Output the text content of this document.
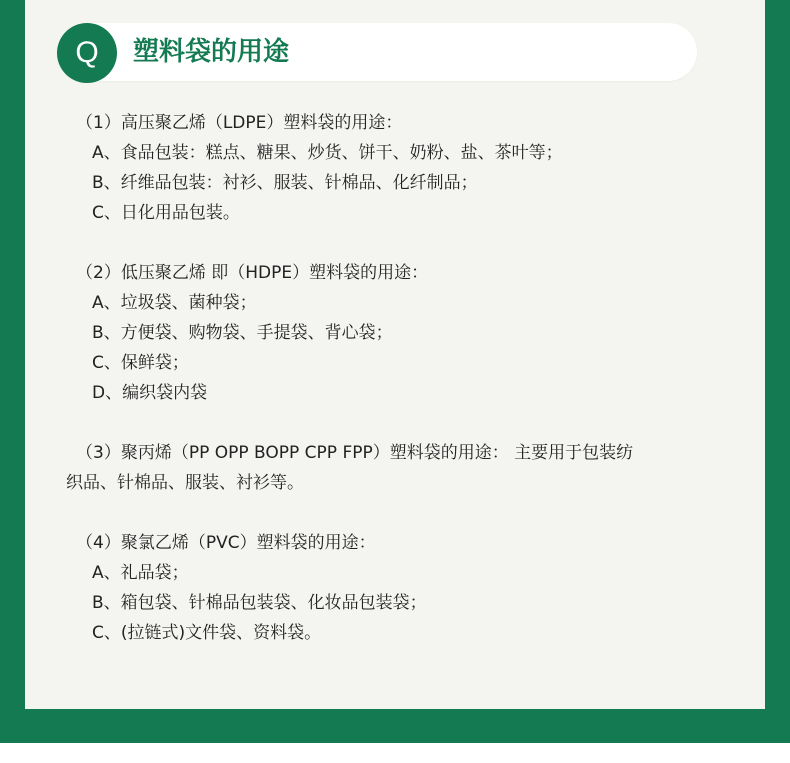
Q	塑料袋的用途
（1）高压聚乙烯（LDPE）塑料袋的用途：
A、食品包装：糕点、糖果、炒货、饼干、奶粉、盐、茶叶等；
B、纤维品包装：衬衫、服装、针棉品、化纤制品；
C、日化用品包装。
（2）低压聚乙烯 即（HDPE）塑料袋的用途：
A、垃圾袋、菌种袋；
B、方便袋、购物袋、手提袋、背心袋；
C、保鲜袋；
D、编织袋内袋
（3）聚丙烯（PP OPP BOPP CPP FPP）塑料袋的用途： 主要用于包装纺
织品、针棉品、服装、衬衫等。
（4）聚氯乙烯（PVC）塑料袋的用途：
A、礼品袋；
B、箱包袋、针棉品包装袋、化妆品包装袋；
C、(拉链式)文件袋、资料袋。
